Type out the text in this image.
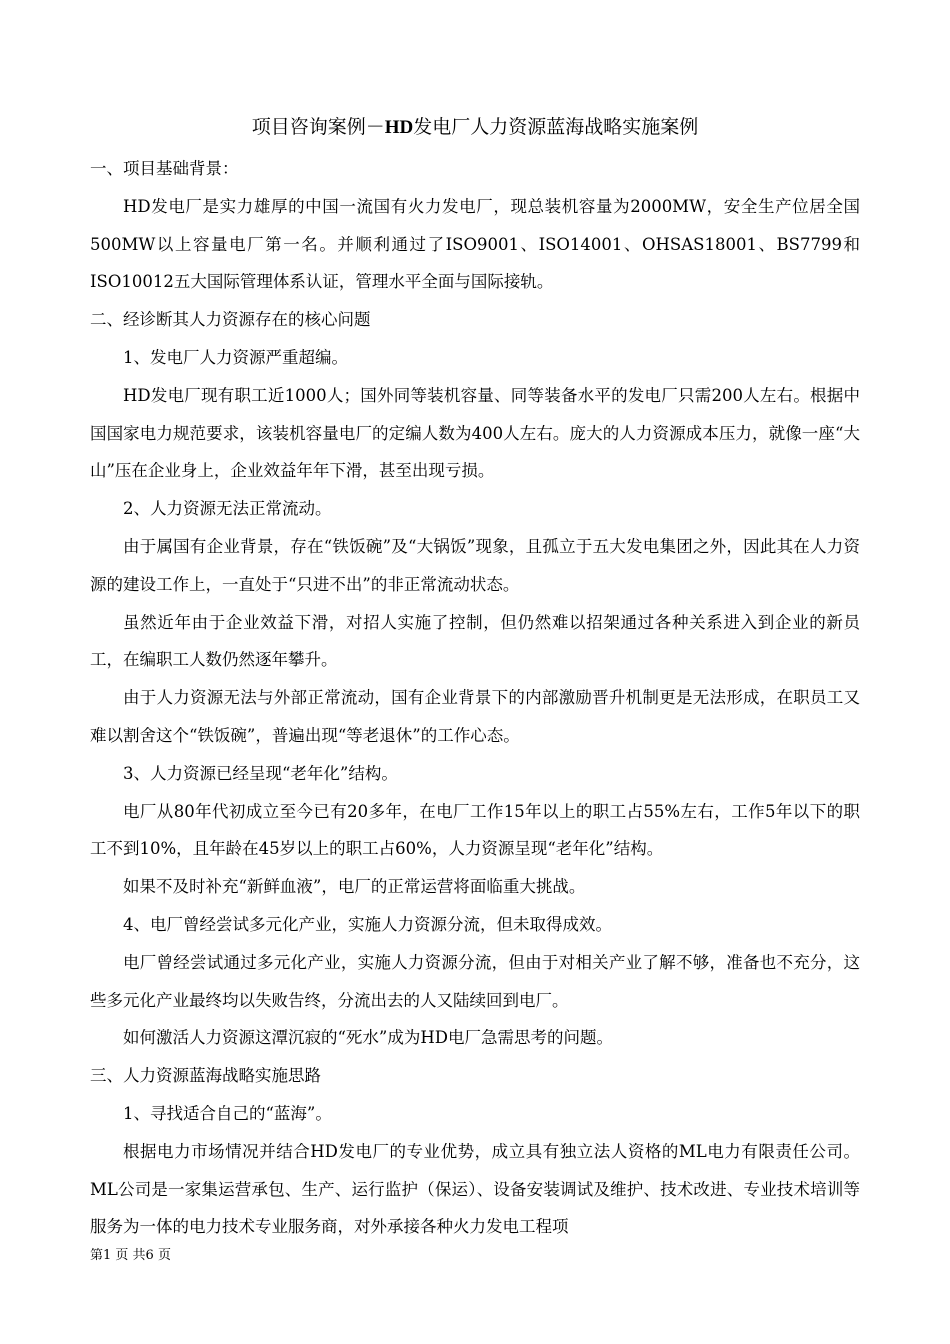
项目咨询案例－HD发电厂人力资源蓝海战略实施案例

一、项目基础背景：

HD发电厂是实力雄厚的中国一流国有火力发电厂，现总装机容量为2000MW，安全生产位居全国500MW以上容量电厂第一名。并顺利通过了ISO9001、ISO14001、OHSAS18001、BS7799和ISO10012五大国际管理体系认证，管理水平全面与国际接轨。

二、经诊断其人力资源存在的核心问题

1、发电厂人力资源严重超编。

HD发电厂现有职工近1000人；国外同等装机容量、同等装备水平的发电厂只需200人左右。根据中国国家电力规范要求，该装机容量电厂的定编人数为400人左右。庞大的人力资源成本压力，就像一座“大山”压在企业身上，企业效益年年下滑，甚至出现亏损。

2、人力资源无法正常流动。

由于属国有企业背景，存在“铁饭碗”及“大锅饭”现象，且孤立于五大发电集团之外，因此其在人力资源的建设工作上，一直处于“只进不出”的非正常流动状态。

虽然近年由于企业效益下滑，对招人实施了控制，但仍然难以招架通过各种关系进入到企业的新员工，在编职工人数仍然逐年攀升。

由于人力资源无法与外部正常流动，国有企业背景下的内部激励晋升机制更是无法形成，在职员工又难以割舍这个“铁饭碗”，普遍出现“等老退休”的工作心态。

3、人力资源已经呈现“老年化”结构。

电厂从80年代初成立至今已有20多年，在电厂工作15年以上的职工占55%左右，工作5年以下的职工不到10%，且年龄在45岁以上的职工占60%，人力资源呈现“老年化”结构。

如果不及时补充“新鲜血液”，电厂的正常运营将面临重大挑战。

4、电厂曾经尝试多元化产业，实施人力资源分流，但未取得成效。

电厂曾经尝试通过多元化产业，实施人力资源分流，但由于对相关产业了解不够，准备也不充分，这些多元化产业最终均以失败告终，分流出去的人又陆续回到电厂。

如何激活人力资源这潭沉寂的“死水”成为HD电厂急需思考的问题。

三、人力资源蓝海战略实施思路

1、寻找适合自己的“蓝海”。

根据电力市场情况并结合HD发电厂的专业优势，成立具有独立法人资格的ML电力有限责任公司。ML公司是一家集运营承包、生产、运行监护（保运）、设备安装调试及维护、技术改进、专业技术培训等服务为一体的电力技术专业服务商，对外承接各种火力发电工程项

第1 页 共6 页
